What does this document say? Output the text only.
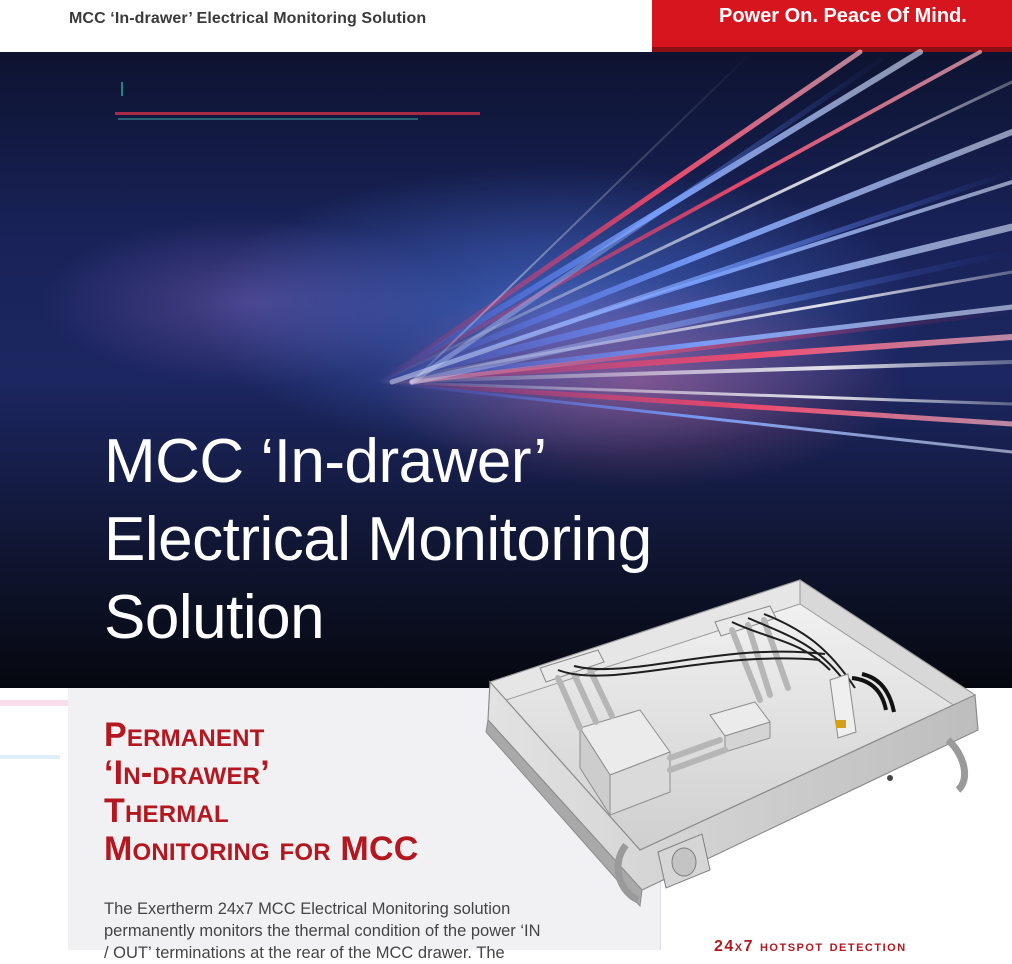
MCC ‘In-drawer’ Electrical Monitoring Solution	Power On. Peace Of Mind.
MCC ‘In-drawer’
Electrical Monitoring
Solution
Permanent
‘In-drawer’
Thermal
Monitoring for MCC

The Exertherm 24x7 MCC Electrical Monitoring solution permanently monitors the thermal condition of the power ‘IN / OUT’ terminations at the rear of the MCC drawer. The	24x7 hotspot detection
